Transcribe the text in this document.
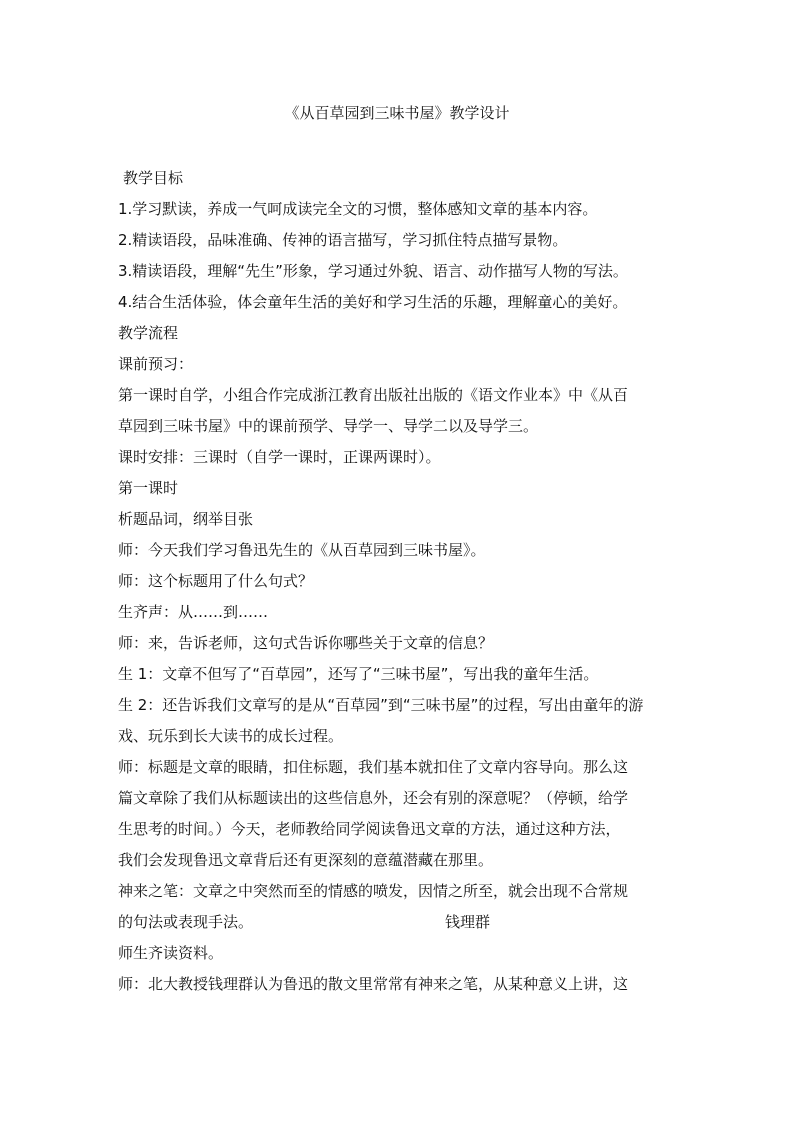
《从百草园到三味书屋》教学设计
教学目标
1.学习默读，养成一气呵成读完全文的习惯，整体感知文章的基本内容。
2.精读语段，品味准确、传神的语言描写，学习抓住特点描写景物。
3.精读语段，理解“先生”形象，学习通过外貌、语言、动作描写人物的写法。
4.结合生活体验，体会童年生活的美好和学习生活的乐趣，理解童心的美好。
教学流程
课前预习：
第一课时自学，小组合作完成浙江教育出版社出版的《语文作业本》中《从百
草园到三味书屋》中的课前预学、导学一、导学二以及导学三。
课时安排：三课时（自学一课时，正课两课时）。
第一课时
析题品词，纲举目张
师：今天我们学习鲁迅先生的《从百草园到三味书屋》。
师：这个标题用了什么句式？
生齐声：从……到……
师：来，告诉老师，这句式告诉你哪些关于文章的信息？
生 1：文章不但写了“百草园”，还写了“三味书屋”，写出我的童年生活。
生 2：还告诉我们文章写的是从“百草园”到“三味书屋”的过程，写出由童年的游
戏、玩乐到长大读书的成长过程。
师：标题是文章的眼睛，扣住标题，我们基本就扣住了文章内容导向。那么这
篇文章除了我们从标题读出的这些信息外，还会有别的深意呢？（停顿，给学
生思考的时间。）今天，老师教给同学阅读鲁迅文章的方法，通过这种方法，
我们会发现鲁迅文章背后还有更深刻的意蕴潜藏在那里。
神来之笔：文章之中突然而至的情感的喷发，因情之所至，就会出现不合常规
的句法或表现手法。	钱理群
师生齐读资料。
师：北大教授钱理群认为鲁迅的散文里常常有神来之笔，从某种意义上讲，这
